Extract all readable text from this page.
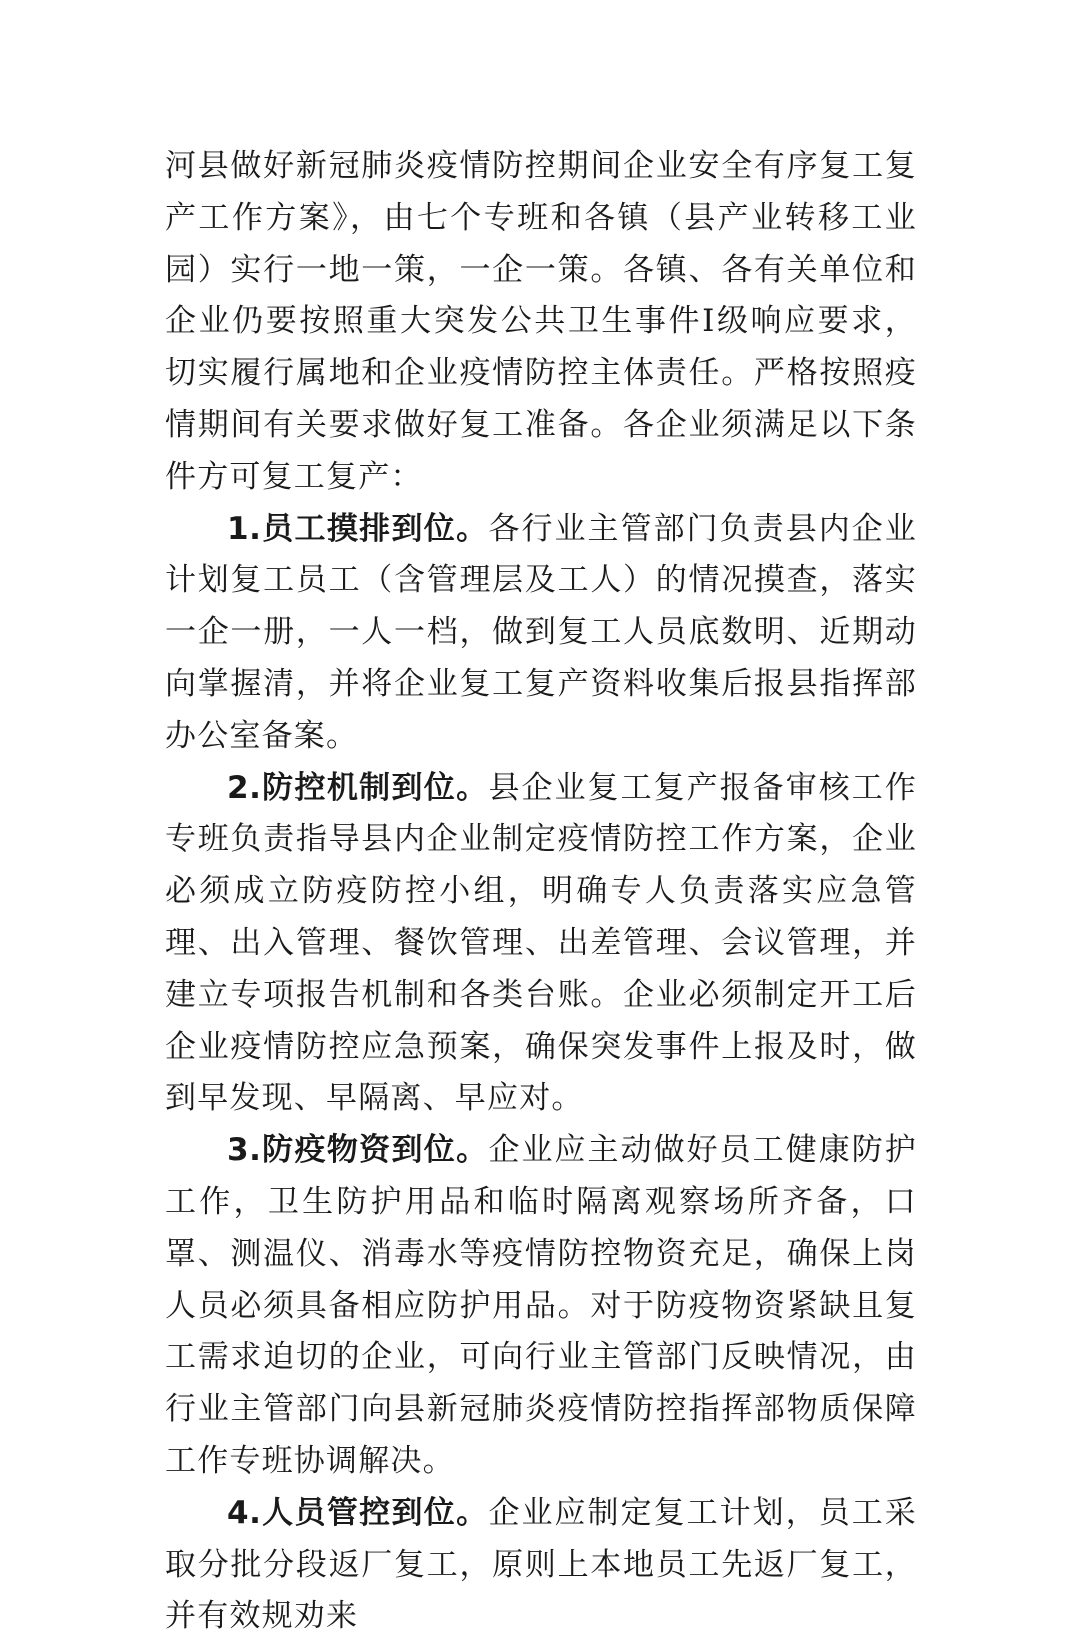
河县做好新冠肺炎疫情防控期间企业安全有序复工复产工作方案》，由七个专班和各镇（县产业转移工业园）实行一地一策，一企一策。各镇、各有关单位和企业仍要按照重大突发公共卫生事件Ⅰ级响应要求，切实履行属地和企业疫情防控主体责任。严格按照疫情期间有关要求做好复工准备。各企业须满足以下条件方可复工复产：

1.员工摸排到位。各行业主管部门负责县内企业计划复工员工（含管理层及工人）的情况摸查，落实一企一册，一人一档，做到复工人员底数明、近期动向掌握清，并将企业复工复产资料收集后报县指挥部办公室备案。

2.防控机制到位。县企业复工复产报备审核工作专班负责指导县内企业制定疫情防控工作方案，企业必须成立防疫防控小组，明确专人负责落实应急管理、出入管理、餐饮管理、出差管理、会议管理，并建立专项报告机制和各类台账。企业必须制定开工后企业疫情防控应急预案，确保突发事件上报及时，做到早发现、早隔离、早应对。

3.防疫物资到位。企业应主动做好员工健康防护工作，卫生防护用品和临时隔离观察场所齐备，口罩、测温仪、消毒水等疫情防控物资充足，确保上岗人员必须具备相应防护用品。对于防疫物资紧缺且复工需求迫切的企业，可向行业主管部门反映情况，由行业主管部门向县新冠肺炎疫情防控指挥部物质保障工作专班协调解决。

4.人员管控到位。企业应制定复工计划，员工采取分批分段返厂复工，原则上本地员工先返厂复工，并有效规劝来
